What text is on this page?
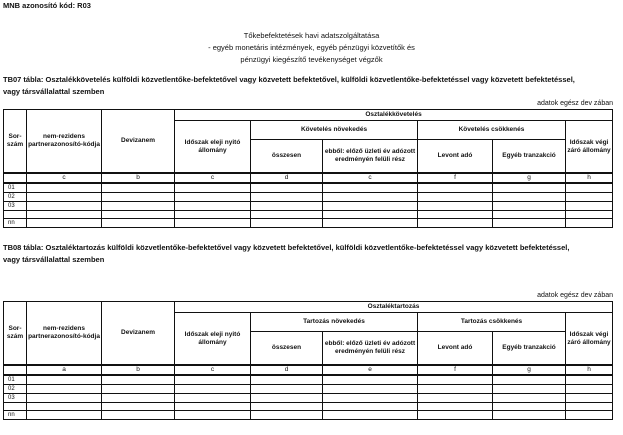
MNB azonosító kód: R03
Tőkebefektetések havi adatszolgáltatása
- egyéb monetáris intézmények, egyéb pénzügyi közvetítők és
pénzügyi kiegészítő tevékenységet végzők
TB07 tábla: Osztalékkövetelés külföldi közvetlentőke-befektetővel vagy közvetett befektetővel, külföldi közvetlentőke-befektetéssel vagy közvetett befektetéssel,
vagy társvállalattal szemben
adatok egész dev zában
Sor-szám	nem-rezidens partnerazonosító-kódja	Devizanem	Osztalékkövetelés					
			Időszak eleji nyitó állomány	Követelés növekedés		Követelés csökkenés		Időszak végi záró állomány
				összesen	ebből: előző üzleti év adózott eredményén felüli rész	Levont adó	Egyéb tranzakció	
	c	b	c	d	c	f	g	h
01								
02								
03								

nn								
TB08 tábla: Osztaléktartozás külföldi közvetlentőke-befektetővel vagy közvetett befektetővel, külföldi közvetlentőke-befektetéssel vagy közvetett befektetéssel,
vagy társvállalattal szemben
adatok egész dev zában
Sor-szám	nem-rezidens partnerazonosító-kódja	Devizanem	Osztaléktartozás					
			Időszak eleji nyitó állomány	Tartozás növekedés		Tartozás csökkenés		Időszak végi záró állomány
				összesen	ebből: előző üzleti év adózott eredményén felüli rész	Levont adó	Egyéb tranzakció	
	a	b	c	d	e	f	g	h
01								
02								
03								

nn								
